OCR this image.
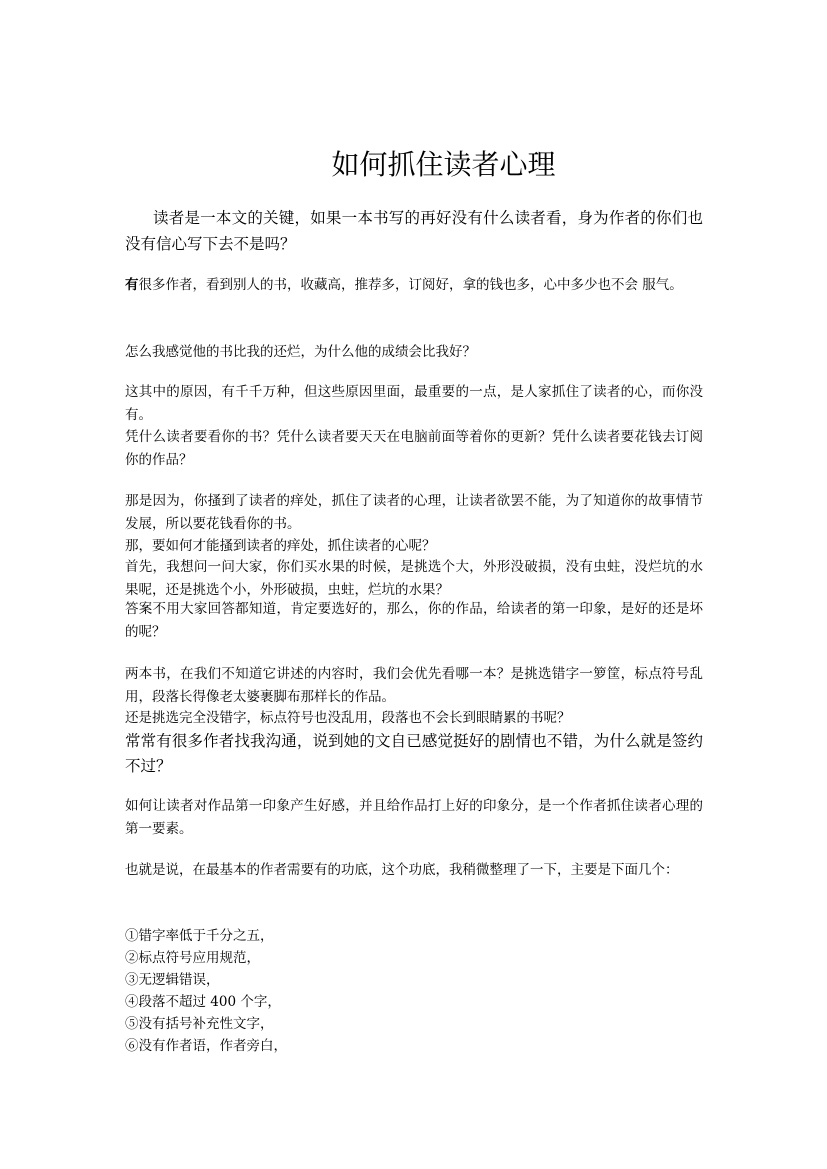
如何抓住读者心理

读者是一本文的关键，如果一本书写的再好没有什么读者看，身为作者的你们也没有信心写下去不是吗？

有很多作者，看到别人的书，收藏高，推荐多，订阅好，拿的钱也多，心中多少也不会 服气。

怎么我感觉他的书比我的还烂，为什么他的成绩会比我好？

这其中的原因，有千千万种，但这些原因里面，最重要的一点，是人家抓住了读者的心，而你没有。

凭什么读者要看你的书？凭什么读者要天天在电脑前面等着你的更新？凭什么读者要花钱去订阅你的作品？

那是因为，你搔到了读者的痒处，抓住了读者的心理，让读者欲罢不能，为了知道你的故事情节发展，所以要花钱看你的书。

那，要如何才能搔到读者的痒处，抓住读者的心呢？

首先，我想问一问大家，你们买水果的时候，是挑选个大，外形没破损，没有虫蛀，没烂坑的水果呢，还是挑选个小，外形破损，虫蛀，烂坑的水果？

答案不用大家回答都知道，肯定要选好的，那么，你的作品，给读者的第一印象，是好的还是坏的呢？

两本书，在我们不知道它讲述的内容时，我们会优先看哪一本？是挑选错字一箩筐，标点符号乱用，段落长得像老太婆裹脚布那样长的作品。

还是挑选完全没错字，标点符号也没乱用，段落也不会长到眼睛累的书呢？

常常有很多作者找我沟通，说到她的文自已感觉挺好的剧情也不错，为什么就是签约不过？

如何让读者对作品第一印象产生好感，并且给作品打上好的印象分，是一个作者抓住读者心理的第一要素。

也就是说，在最基本的作者需要有的功底，这个功底，我稍微整理了一下，主要是下面几个：

①错字率低于千分之五，

②标点符号应用规范，

③无逻辑错误，

④段落不超过 400 个字，

⑤没有括号补充性文字，

⑥没有作者语，作者旁白，
